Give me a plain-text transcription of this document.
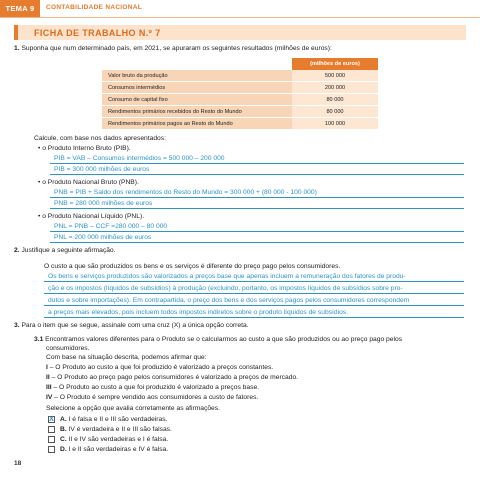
TEMA 9	CONTABILIDADE NACIONAL
FICHA DE TRABALHO N.º 7
1. Suponha que num determinado país, em 2021, se apuraram os seguintes resultados (milhões de euros):
	(milhões de euros)
Valor bruto da produção	500 000
Consumos intermédios	200 000
Consumo de capital fixo	80 000
Rendimentos primários recebidos do Resto do Mundo	80 000
Rendimentos primários pagos ao Resto do Mundo	100 000
Calcule, com base nos dados apresentados:
• o Produto Interno Bruto (PIB).
PIB = VAB – Consumos intermédios = 500 000 – 200 000
PIB = 300 000 milhões de euros
• o Produto Nacional Bruto (PNB).
PNB = PIB + Saldo dos rendimentos do Resto do Mundo = 300 000 + (80 000 - 100 000)
PNB = 280 000 milhões de euros
• o Produto Nacional Líquido (PNL).
PNL = PNB – CCF =280 000 – 80 000
PNL = 200 000 milhões de euros
2. Justifique a seguinte afirmação.
O custo a que são produzidos os bens e os serviços é diferente do preço pago pelos consumidores.
Os bens e serviços produzidos são valorizados a preços base que apenas incluem a remuneração dos fatores de produ-
ção e os impostos (líquidos de subsídios) à produção (excluindo, portanto, os impostos líquidos de subsídios sobre pro-
dutos e sobre importações). Em contrapartida, o preço dos bens e dos serviços pagos pelos consumidores correspondem
a preços mais elevados, pois incluem todos impostos indiretos sobre o produto líquidos de subsídios.
3. Para o item que se segue, assinale com uma cruz (X) a única opção correta.
3.1 Encontramos valores diferentes para o Produto se o calcularmos ao custo a que são produzidos ou ao preço pago pelos
consumidores.
Com base na situação descrita, podemos afirmar que:
I – O Produto ao custo a que foi produzido é valorizado a preços constantes.
II – O Produto ao preço pago pelos consumidores é valorizado a preços de mercado.
III – O Produto ao custo a que foi produzido é valorizado a preços base.
IV – O Produto é sempre vendido aos consumidores a custo de fatores.
Selecione a opção que avalia corretamente as afirmações.
X A. I é falsa e II e III são verdadeiras.
B. IV é verdadeira e II e III são falsas.
C. II e IV são verdadeiras e I é falsa.
D. I e II são verdadeiras e IV é falsa.
18
